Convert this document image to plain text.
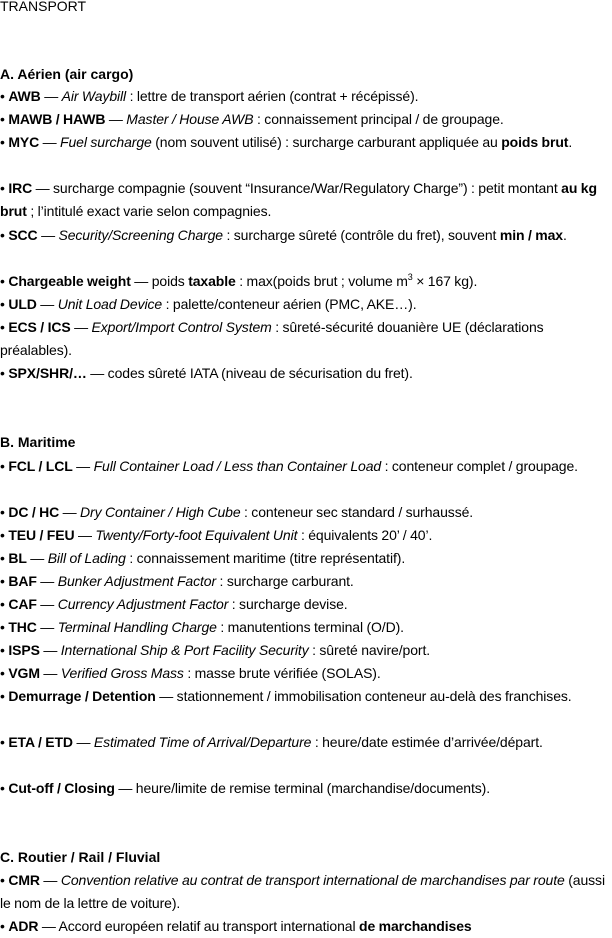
TRANSPORT
A. Aérien (air cargo)
• AWB — Air Waybill : lettre de transport aérien (contrat + récépissé).
• MAWB / HAWB — Master / House AWB : connaissement principal / de groupage.
• MYC — Fuel surcharge (nom souvent utilisé) : surcharge carburant appliquée au poids brut.
• IRC — surcharge compagnie (souvent “Insurance/War/Regulatory Charge”) : petit montant au kg brut ; l’intitulé exact varie selon compagnies.
• SCC — Security/Screening Charge : surcharge sûreté (contrôle du fret), souvent min / max.
• Chargeable weight — poids taxable : max(poids brut ; volume $m^3 \times 167$ kg).
• ULD — Unit Load Device : palette/conteneur aérien (PMC, AKE…).
• ECS / ICS — Export/Import Control System : sûreté-sécurité douanière UE (déclarations préalables).
• SPX/SHR/… — codes sûreté IATA (niveau de sécurisation du fret).
B. Maritime
• FCL / LCL — Full Container Load / Less than Container Load : conteneur complet / groupage.
• DC / HC — Dry Container / High Cube : conteneur sec standard / surhaussé.
• TEU / FEU — Twenty/Forty-foot Equivalent Unit : équivalents 20’ / 40’.
• BL — Bill of Lading : connaissement maritime (titre représentatif).
• BAF — Bunker Adjustment Factor : surcharge carburant.
• CAF — Currency Adjustment Factor : surcharge devise.
• THC — Terminal Handling Charge : manutentions terminal (O/D).
• ISPS — International Ship & Port Facility Security : sûreté navire/port.
• VGM — Verified Gross Mass : masse brute vérifiée (SOLAS).
• Demurrage / Detention — stationnement / immobilisation conteneur au-delà des franchises.
• ETA / ETD — Estimated Time of Arrival/Departure : heure/date estimée d’arrivée/départ.
• Cut-off / Closing — heure/limite de remise terminal (marchandise/documents).
C. Routier / Rail / Fluvial
• CMR — Convention relative au contrat de transport international de marchandises par route (aussi le nom de la lettre de voiture).
• ADR — Accord européen relatif au transport international de marchandises
